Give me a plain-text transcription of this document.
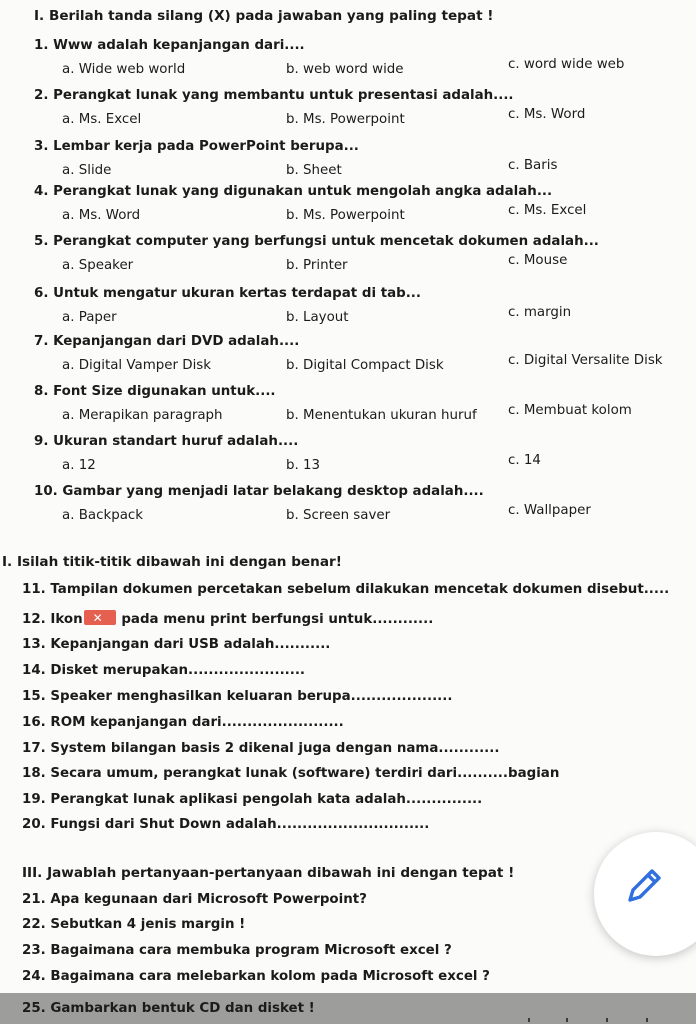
I. Berilah tanda silang (X) pada jawaban yang paling tepat !
1. Www adalah kepanjangan dari....
a. Wide web world	b. web word wide	c. word wide web
2. Perangkat lunak yang membantu untuk presentasi adalah....
a. Ms. Excel	b. Ms. Powerpoint	c. Ms. Word
3. Lembar kerja pada PowerPoint berupa...
a. Slide	b. Sheet	c. Baris
4. Perangkat lunak yang digunakan untuk mengolah angka adalah...
a. Ms. Word	b. Ms. Powerpoint	c. Ms. Excel
5. Perangkat computer yang berfungsi untuk mencetak dokumen adalah...
a. Speaker	b. Printer	c. Mouse
6. Untuk mengatur ukuran kertas terdapat di tab...
a. Paper	b. Layout	c. margin
7. Kepanjangan dari DVD adalah....
a. Digital Vamper Disk	b. Digital Compact Disk	c. Digital Versalite Disk
8. Font Size digunakan untuk....
a. Merapikan paragraph	b. Menentukan ukuran huruf c. Membuat kolom
9. Ukuran standart huruf adalah....
a. 12	b. 13	c. 14
10. Gambar yang menjadi latar belakang desktop adalah....
a. Backpack	b. Screen saver	c. Wallpaper
I. Isilah titik-titik dibawah ini dengan benar!
11. Tampilan dokumen percetakan sebelum dilakukan mencetak dokumen disebut.....
12. Ikon✕	pada menu print berfungsi untuk............
13. Kepanjangan dari USB adalah...........
14. Disket merupakan.......................
15. Speaker menghasilkan keluaran berupa....................
16. ROM kepanjangan dari........................
17. System bilangan basis 2 dikenal juga dengan nama............
18. Secara umum, perangkat lunak (software) terdiri dari..........bagian
19. Perangkat lunak aplikasi pengolah kata adalah...............
20. Fungsi dari Shut Down adalah..............................
III. Jawablah pertanyaan-pertanyaan dibawah ini dengan tepat !
21. Apa kegunaan dari Microsoft Powerpoint?
22. Sebutkan 4 jenis margin !
23. Bagaimana cara membuka program Microsoft excel ?
24. Bagaimana cara melebarkan kolom pada Microsoft excel ?
25. Gambarkan bentuk CD dan disket !
